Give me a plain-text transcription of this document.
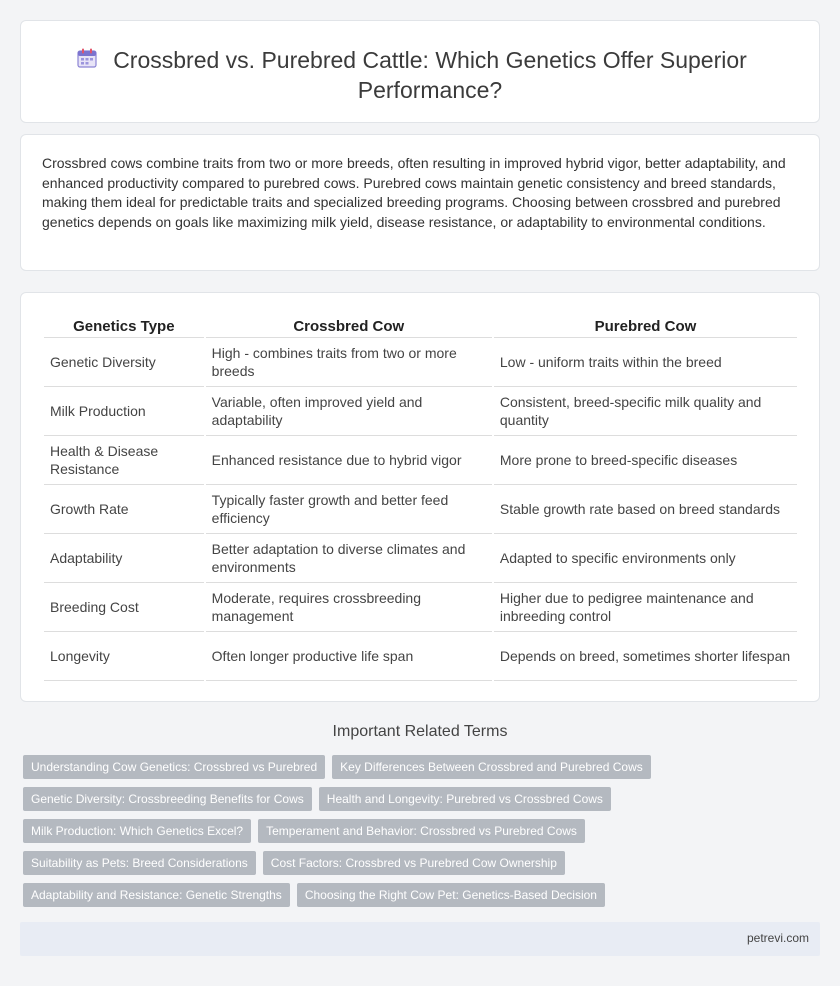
Crossbred vs. Purebred Cattle: Which Genetics Offer Superior Performance?

Crossbred cows combine traits from two or more breeds, often resulting in improved hybrid vigor, better adaptability, and enhanced productivity compared to purebred cows. Purebred cows maintain genetic consistency and breed standards, making them ideal for predictable traits and specialized breeding programs. Choosing between crossbred and purebred genetics depends on goals like maximizing milk yield, disease resistance, or adaptability to environmental conditions.

Genetics Type	Crossbred Cow	Purebred Cow
Genetic Diversity	High - combines traits from two or more breeds	Low - uniform traits within the breed
Milk Production	Variable, often improved yield and adaptability	Consistent, breed-specific milk quality and quantity
Health & Disease Resistance	Enhanced resistance due to hybrid vigor	More prone to breed-specific diseases
Growth Rate	Typically faster growth and better feed efficiency	Stable growth rate based on breed standards
Adaptability	Better adaptation to diverse climates and environments	Adapted to specific environments only
Breeding Cost	Moderate, requires crossbreeding management	Higher due to pedigree maintenance and inbreeding control
Longevity	Often longer productive life span	Depends on breed, sometimes shorter lifespan
Important Related Terms
Understanding Cow Genetics: Crossbred vs Purebred	Key Differences Between Crossbred and Purebred Cows
Genetic Diversity: Crossbreeding Benefits for Cows	Health and Longevity: Purebred vs Crossbred Cows
Milk Production: Which Genetics Excel?	Temperament and Behavior: Crossbred vs Purebred Cows
Suitability as Pets: Breed Considerations	Cost Factors: Crossbred vs Purebred Cow Ownership
Adaptability and Resistance: Genetic Strengths	Choosing the Right Cow Pet: Genetics-Based Decision
petrevi.com
